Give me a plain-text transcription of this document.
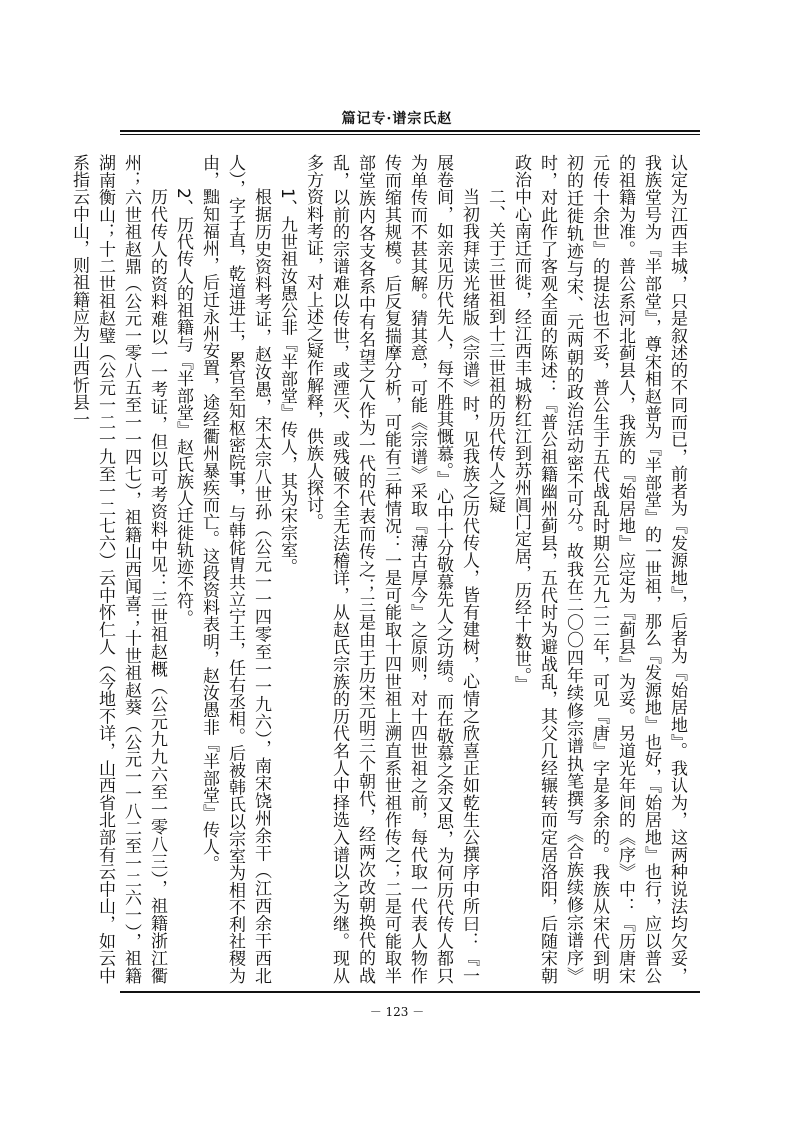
篇记专·谱宗氏赵

认定为江西丰城，只是叙述的不同而已，前者为『发源地』，后者为『始居地』。我认为，这两种说法均欠妥，我族堂号为『半部堂』，尊宋相赵普为『半部堂』的一世祖，那么『发源地』也好，『始居地』也行，应以普公的祖籍为准。普公系河北蓟县人，我族的『始居地』应定为『蓟县』为妥。另道光年间的《序》中：『历唐宋元传十余世』的提法也不妥，普公生于五代战乱时期公元九二二年，可见『唐』字是多余的。我族从宋代到明初的迁徙轨迹与宋、元两朝的政治活动密不可分。故我在二〇〇四年续修宗谱执笔撰写《合族续修宗谱序》时，对此作了客观全面的陈述：『普公祖籍幽州蓟县，五代时为避战乱，其父几经辗转而定居洛阳，后随宋朝政治中心南迁而徙，经江西丰城粉红江到苏州阊门定居，历经十数世。』

二、关于三世祖到十三世祖的历代传人之疑

当初我拜读光绪版《宗谱》时，见我族之历代传人，皆有建树，心情之欣喜正如乾生公撰序中所曰：『一展卷间，如亲见历代先人，每不胜其慨慕。』心中十分敬慕先人之功绩。而在敬慕之余又思，为何历代传人都只为单传而不甚其解。猜其意，可能《宗谱》采取『薄古厚今』之原则，对十四世祖之前，每代取一代表人物作传而缩其规模。后反复揣摩分析，可能有三种情况：一是可能取十四世祖上溯直系世祖作传之；二是可能取半部堂族内各支各系中有名望之人作为一代的代表而传之；三是由于历宋元明三个朝代，经两次改朝换代的战乱，以前的宗谱难以传世，或湮灭、或残破不全无法稽详，从赵氏宗族的历代名人中择选入谱以之为继。现从多方资料考证，对上述之疑作解释，供族人探讨。

1、九世祖汝愚公非『半部堂』传人，其为宋宗室。

根据历史资料考证，赵汝愚，宋太宗八世孙（公元一一四零至一一九六），南宋饶州余干（江西余干西北人），字子直，乾道进士，累官至知枢密院事，与韩侂胄共立宁王，任右丞相。后被韩氏以宗室为相不利社稷为由，黜知福州，后迁永州安置，途经衢州暴疾而亡。这段资料表明，赵汝愚非『半部堂』传人。

2、历代传人的祖籍与『半部堂』赵氏族人迁徙轨迹不符。

历代传人的资料难以一一考证，但以可考资料中见：三世祖赵概（公元九九六至一零八三），祖籍浙江衢州；六世祖赵鼎（公元一零八五至一一四七），祖籍山西闻喜；十世祖赵葵（公元一一八二至一二六一），祖籍湖南衡山；十二世祖赵璧（公元一二一九至一二七六）云中怀仁人（今地不详，山西省北部有云中山，如云中系指云中山，则祖籍应为山西忻县一

－ 123 －
